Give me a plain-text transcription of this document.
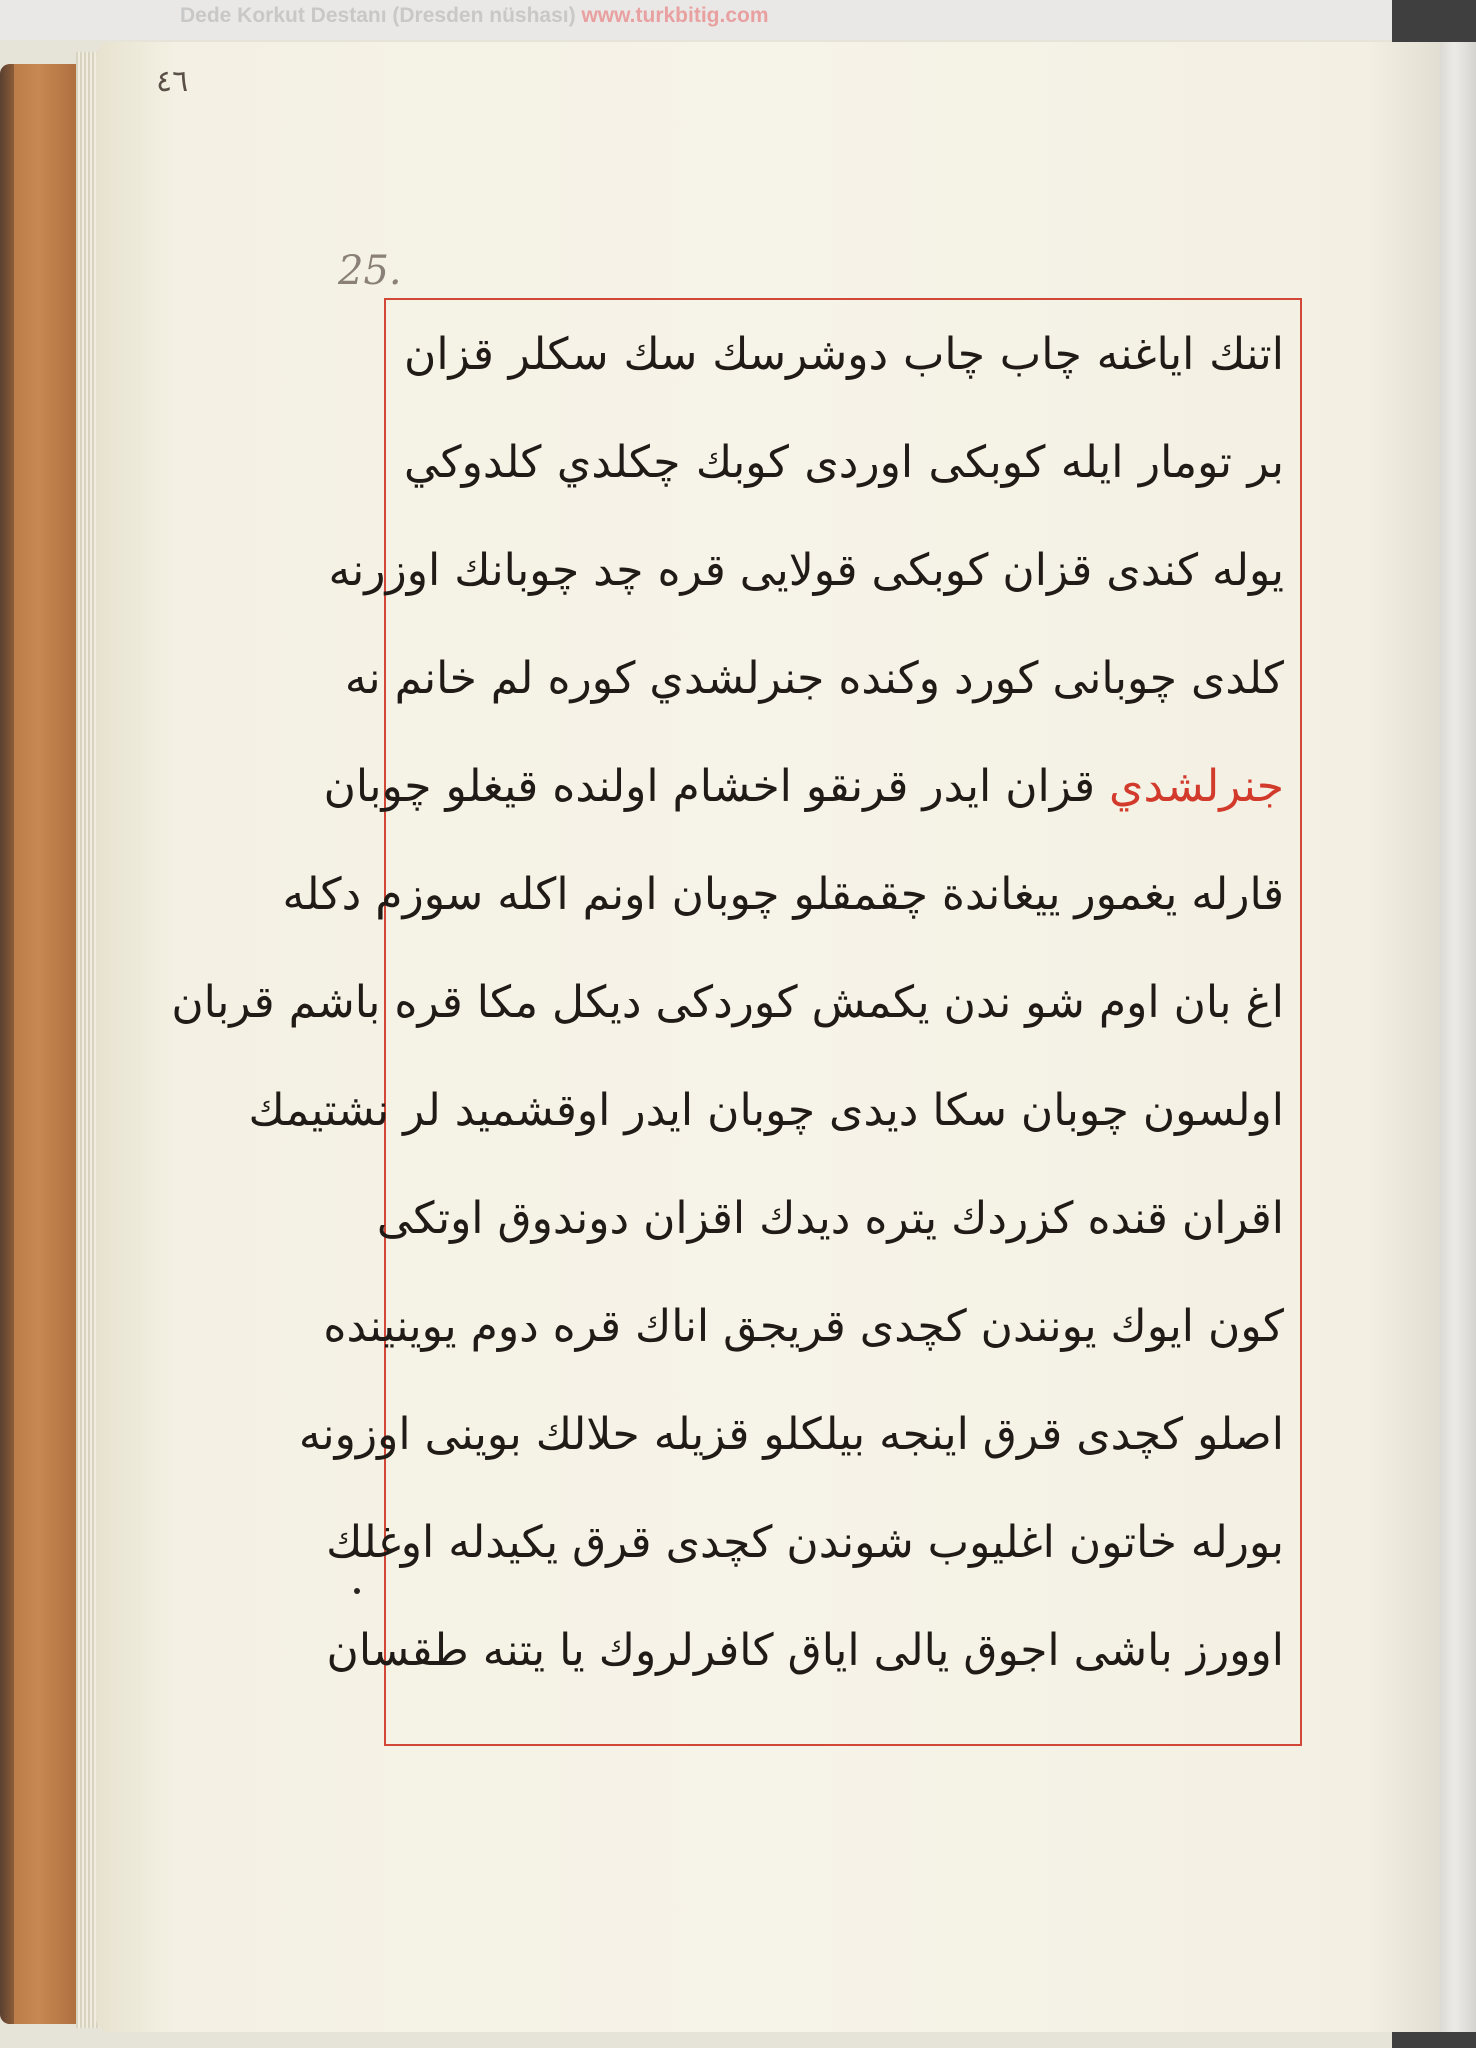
Dede Korkut Destanı (Dresden nüshası) www.turkbitig.com
٤٦
25.
اتنك ایاغنه چاب چاب دوشرسك سك سكلر قزان
بر تومار ایله کوبکی اوردی کوبك چكلدي كلدوكي
یوله کندی قزان کوبکی قولایی قره چد چوبانك اوزرنه
کلدی چوبانی کورد وکنده جنرلشدي کوره لم خانم نه
جنرلشدي قزان ایدر قرنقو اخشام اولنده قیغلو چوبان
قارله یغمور ییغاندة چقمقلو چوبان اونم اکله سوزم دکله
اغ بان اوم شو ندن یکمش کوردکی دیکل مکا قره باشم قربان
اولسون چوبان سکا دیدی چوبان ایدر اوقشمید لر نشتیمك
اقران قنده کزردك یتره دیدك اقزان دوندوق اوتکی
کون ایوك یونندن کچدی قریجق اناك قره دوم یوینینده
اصلو کچدی قرق اینجه بیلکلو قزیله حلالك بوینی اوزونه
بورله خاتون اغلیوب شوندن کچدی قرق یکیدله اوغلك
اوورز باشی اجوق یالی ایاق کافرلروك یا یتنه طقسان
